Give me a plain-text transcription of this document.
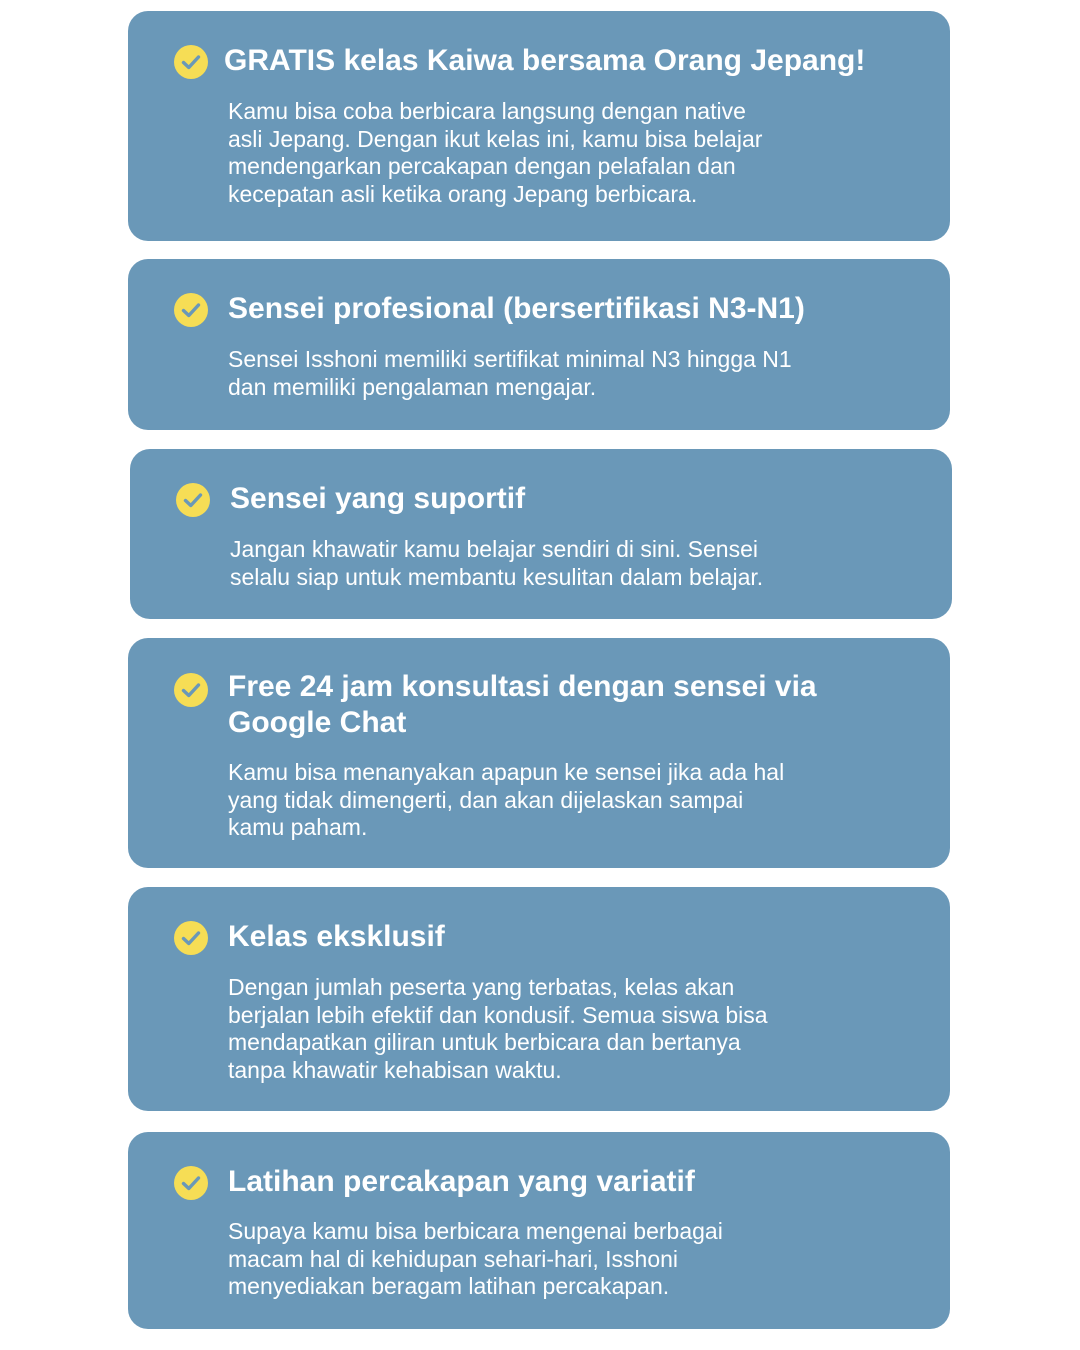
GRATIS kelas Kaiwa bersama Orang Jepang!

Kamu bisa coba berbicara langsung dengan native
asli Jepang. Dengan ikut kelas ini, kamu bisa belajar
mendengarkan percakapan dengan pelafalan dan
kecepatan asli ketika orang Jepang berbicara.

Sensei profesional (bersertifikasi N3-N1)

Sensei Isshoni memiliki sertifikat minimal N3 hingga N1
dan memiliki pengalaman mengajar.

Sensei yang suportif

Jangan khawatir kamu belajar sendiri di sini. Sensei
selalu siap untuk membantu kesulitan dalam belajar.

Free 24 jam konsultasi dengan sensei via
Google Chat

Kamu bisa menanyakan apapun ke sensei jika ada hal
yang tidak dimengerti, dan akan dijelaskan sampai
kamu paham.

Kelas eksklusif

Dengan jumlah peserta yang terbatas, kelas akan
berjalan lebih efektif dan kondusif. Semua siswa bisa
mendapatkan giliran untuk berbicara dan bertanya
tanpa khawatir kehabisan waktu.

Latihan percakapan yang variatif

Supaya kamu bisa berbicara mengenai berbagai
macam hal di kehidupan sehari-hari, Isshoni
menyediakan beragam latihan percakapan.
